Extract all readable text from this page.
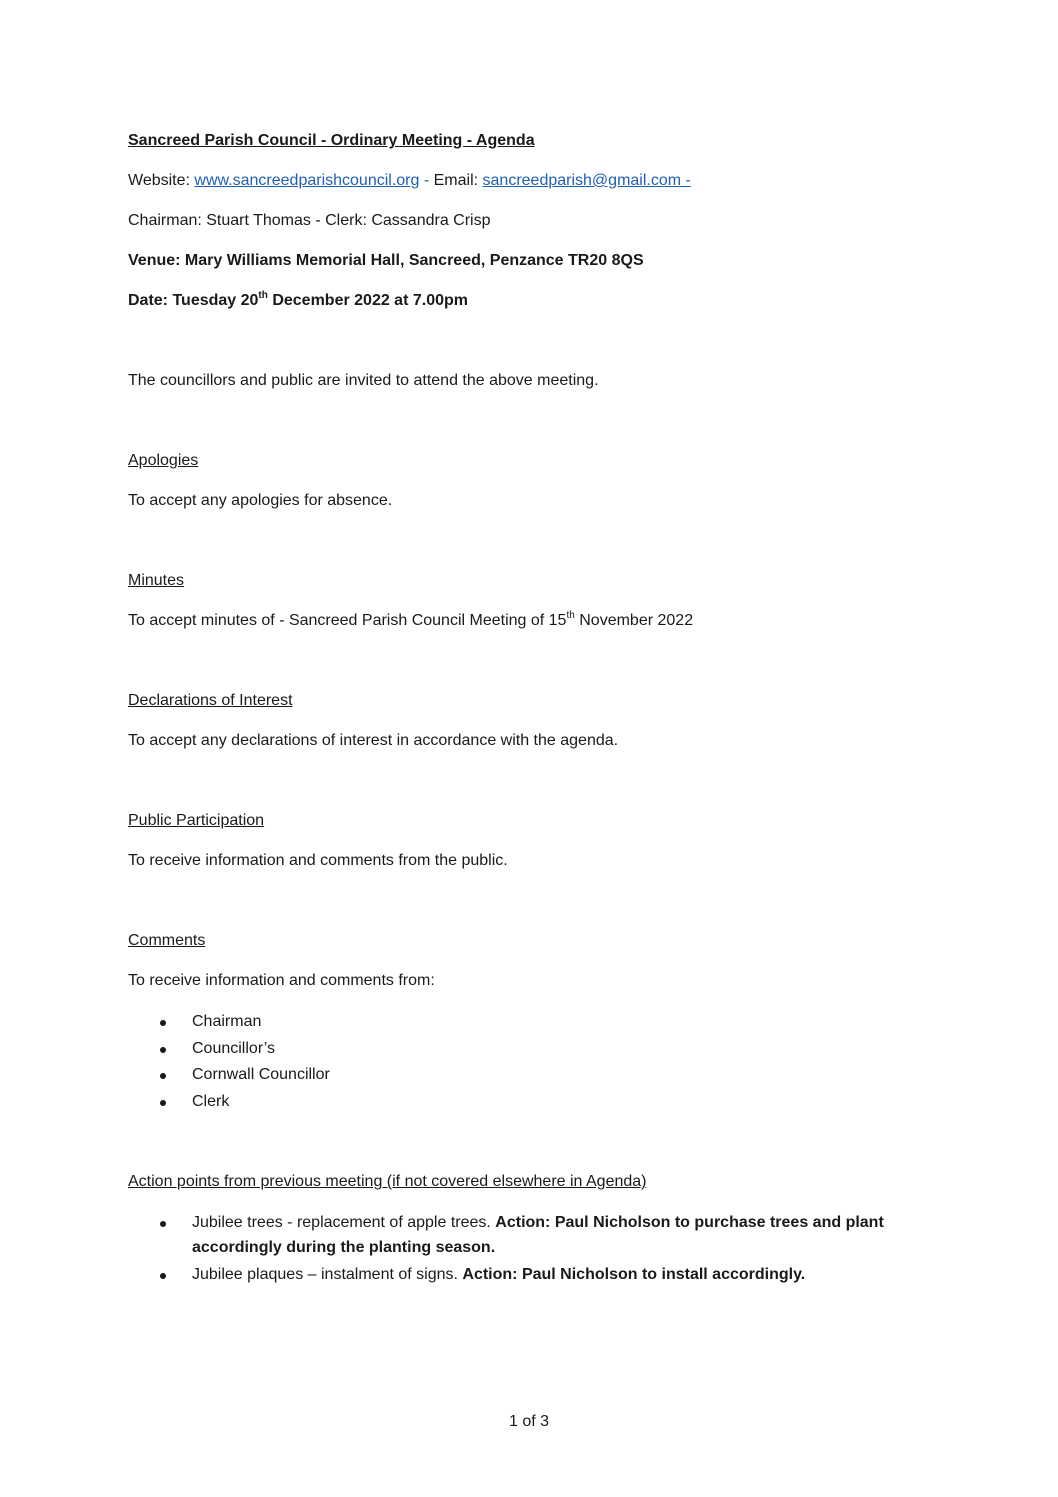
Sancreed Parish Council - Ordinary Meeting - Agenda
Website: www.sancreedparishcouncil.org - Email: sancreedparish@gmail.com -
Chairman: Stuart Thomas - Clerk: Cassandra Crisp
Venue: Mary Williams Memorial Hall, Sancreed, Penzance TR20 8QS
Date: Tuesday 20th December 2022 at 7.00pm
The councillors and public are invited to attend the above meeting.
Apologies
To accept any apologies for absence.
Minutes
To accept minutes of - Sancreed Parish Council Meeting of 15th November 2022
Declarations of Interest
To accept any declarations of interest in accordance with the agenda.
Public Participation
To receive information and comments from the public.
Comments
To receive information and comments from:
Chairman
Councillor’s
Cornwall Councillor
Clerk
Action points from previous meeting (if not covered elsewhere in Agenda)
Jubilee trees - replacement of apple trees. Action: Paul Nicholson to purchase trees and plant
accordingly during the planting season.
Jubilee plaques – instalment of signs. Action: Paul Nicholson to install accordingly.
1 of 3
